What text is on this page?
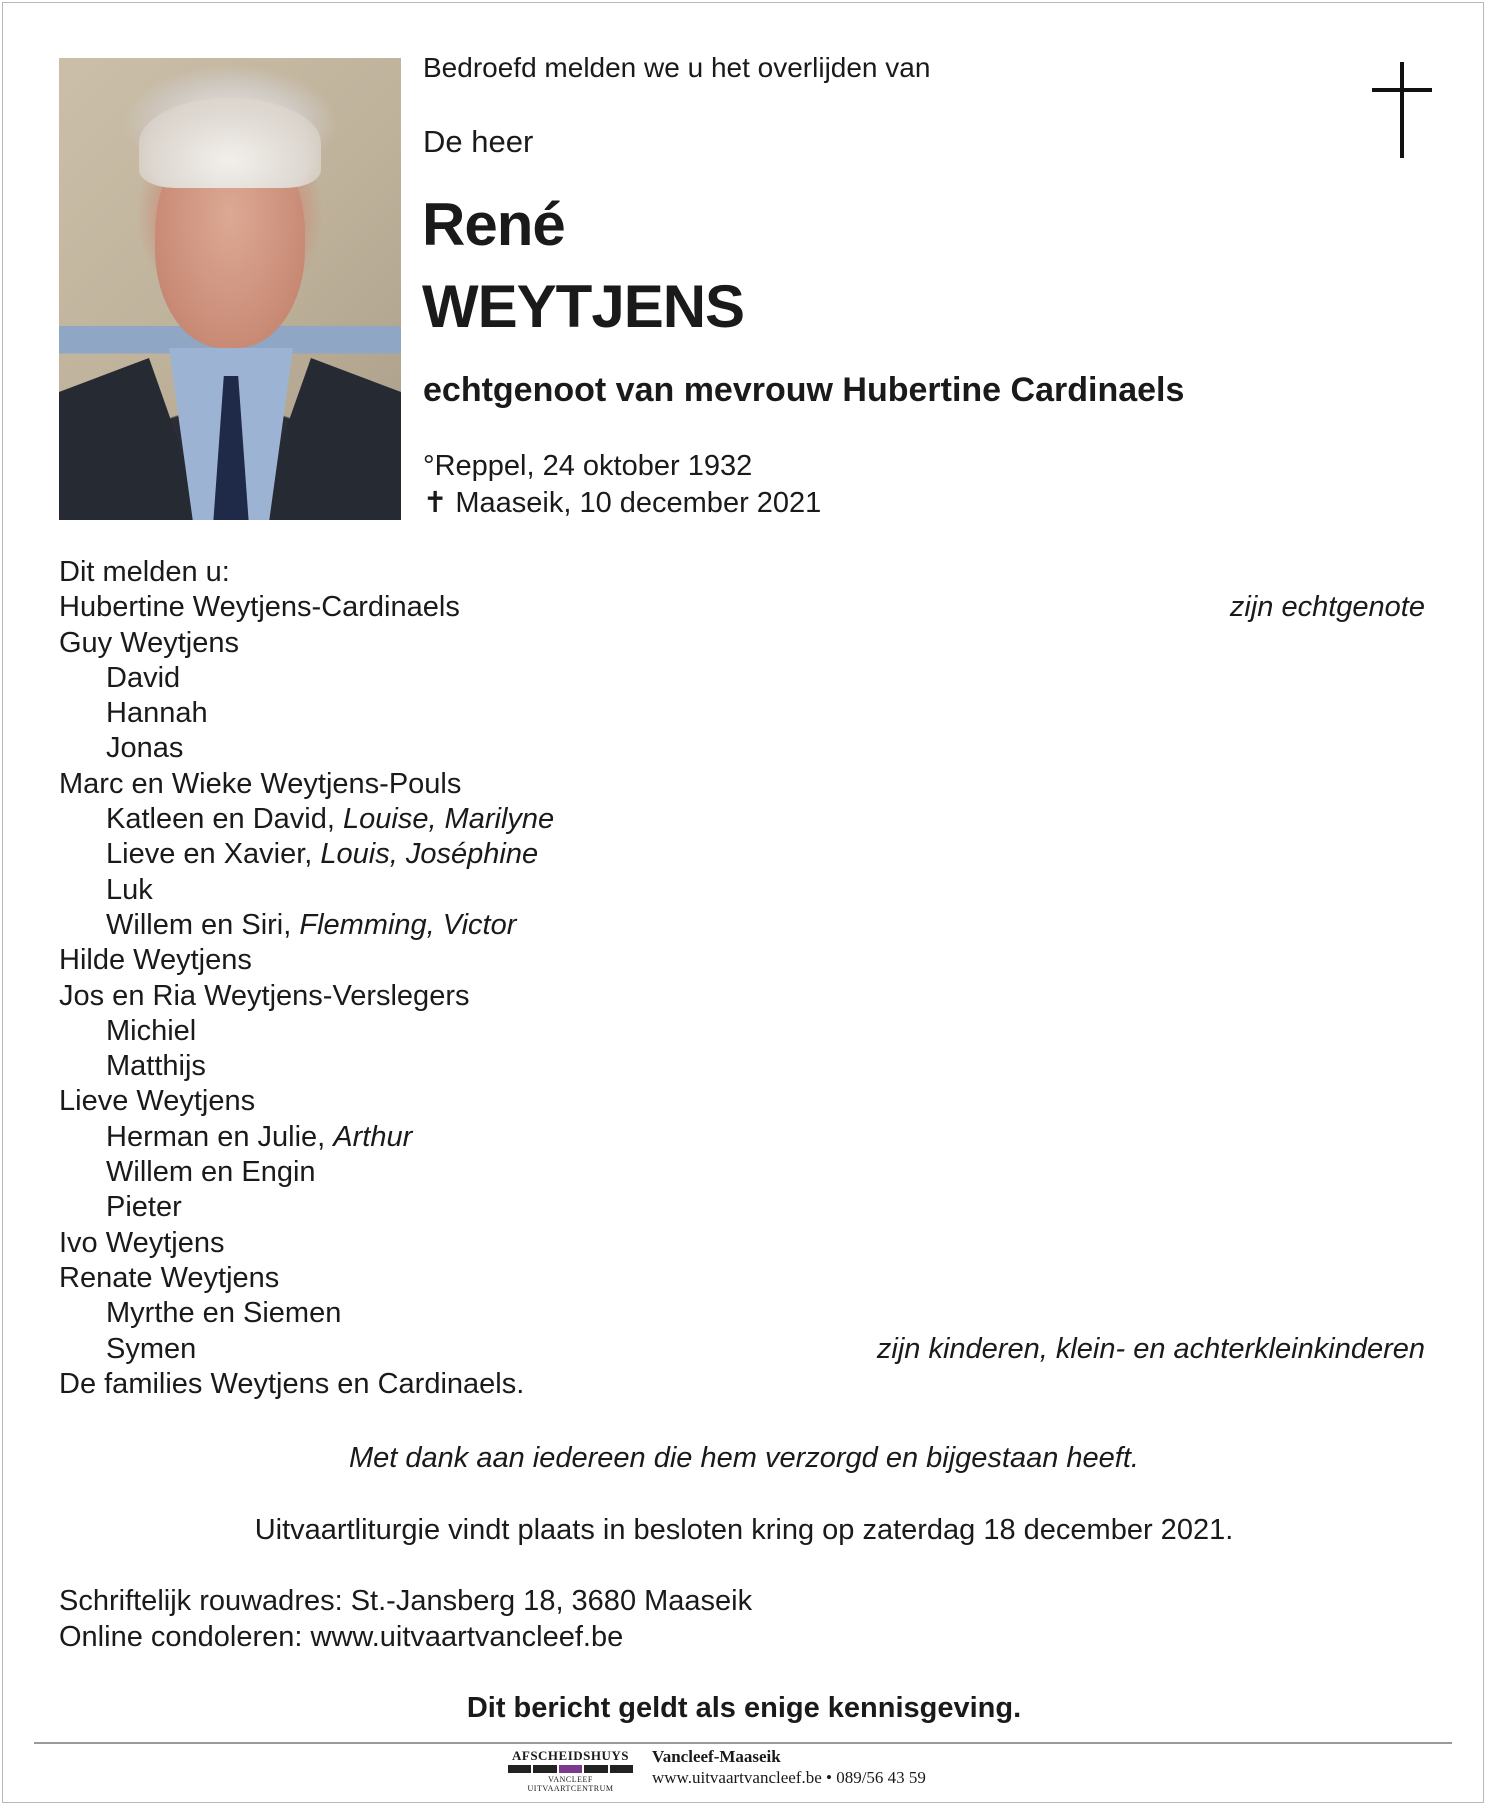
Bedroefd melden we u het overlijden van
De heer
René
WEYTJENS
echtgenoot van mevrouw Hubertine Cardinaels
°Reppel, 24 oktober 1932
✝ Maaseik, 10 december 2021
Dit melden u:
Hubertine Weytjens-Cardinaels	zijn echtgenote
Guy Weytjens
David
Hannah
Jonas
Marc en Wieke Weytjens-Pouls
Katleen en David, Louise, Marilyne
Lieve en Xavier, Louis, Joséphine
Luk
Willem en Siri, Flemming, Victor
Hilde Weytjens
Jos en Ria Weytjens-Verslegers
Michiel
Matthijs
Lieve Weytjens
Herman en Julie, Arthur
Willem en Engin
Pieter
Ivo Weytjens
Renate Weytjens
Myrthe en Siemen
Symen	zijn kinderen, klein- en achterkleinkinderen
De families Weytjens en Cardinaels.
Met dank aan iedereen die hem verzorgd en bijgestaan heeft.
Uitvaartliturgie vindt plaats in besloten kring op zaterdag 18 december 2021.
Schriftelijk rouwadres: St.-Jansberg 18, 3680 Maaseik
Online condoleren: www.uitvaartvancleef.be
Dit bericht geldt als enige kennisgeving.
AFSCHEIDSHUYS
VANCLEEF UITVAARTCENTRUM
Vancleef-Maaseik
www.uitvaartvancleef.be • 089/56 43 59
